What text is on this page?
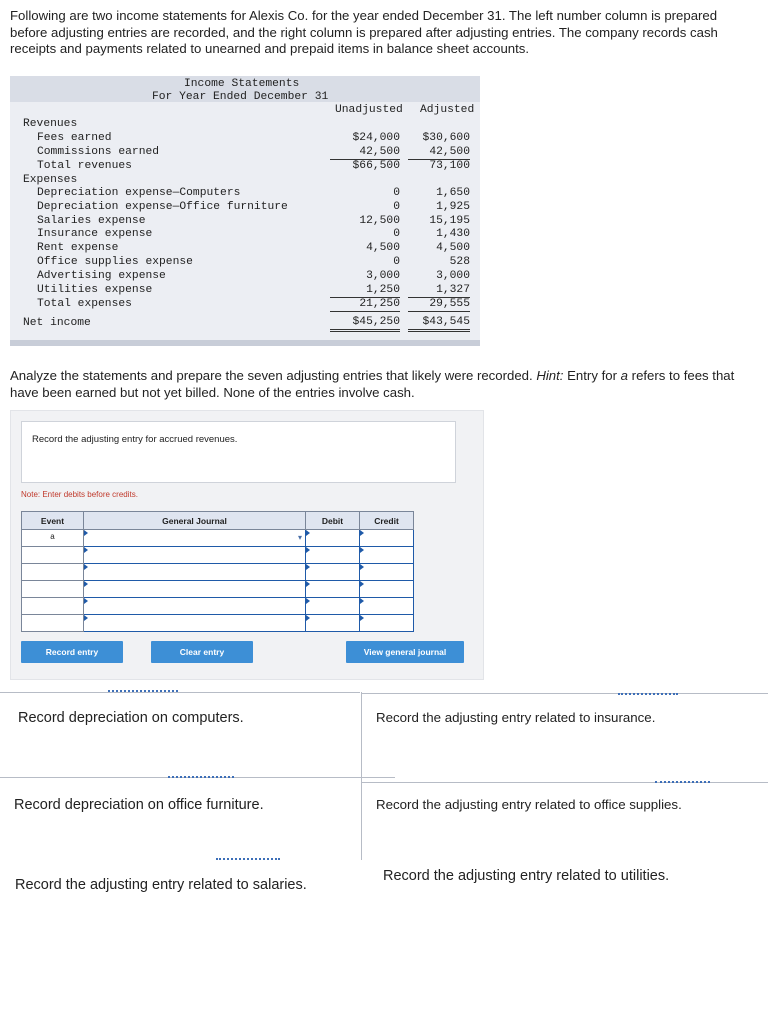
Following are two income statements for Alexis Co. for the year ended December 31. The left number column is prepared before adjusting entries are recorded, and the right column is prepared after adjusting entries. The company records cash receipts and payments related to unearned and prepaid items in balance sheet accounts.
Income Statements
For Year Ended December 31
Unadjusted Adjusted
Revenues
Fees earned	$24,000	$30,600
Commissions earned	42,500	42,500
Total revenues	$66,500	73,100
Expenses
Depreciation expense—Computers	0	1,650
Depreciation expense—Office furniture	0	1,925
Salaries expense	12,500	15,195
Insurance expense	0	1,430
Rent expense	4,500	4,500
Office supplies expense	0	528
Advertising expense	3,000	3,000
Utilities expense	1,250	1,327
Total expenses	21,250	29,555
Net income	$45,250	$43,545
Analyze the statements and prepare the seven adjusting entries that likely were recorded. Hint: Entry for a refers to fees that have been earned but not yet billed. None of the entries involve cash.
Record the adjusting entry for accrued revenues.
Note: Enter debits before credits.
Event	General Journal	Debit	Credit
a	▾		

Record entry	Clear entry	View general journal
Record depreciation on computers.	Record the adjusting entry related to insurance.
Record depreciation on office furniture.	Record the adjusting entry related to office supplies.
Record the adjusting entry related to salaries.
Record the adjusting entry related to utilities.
